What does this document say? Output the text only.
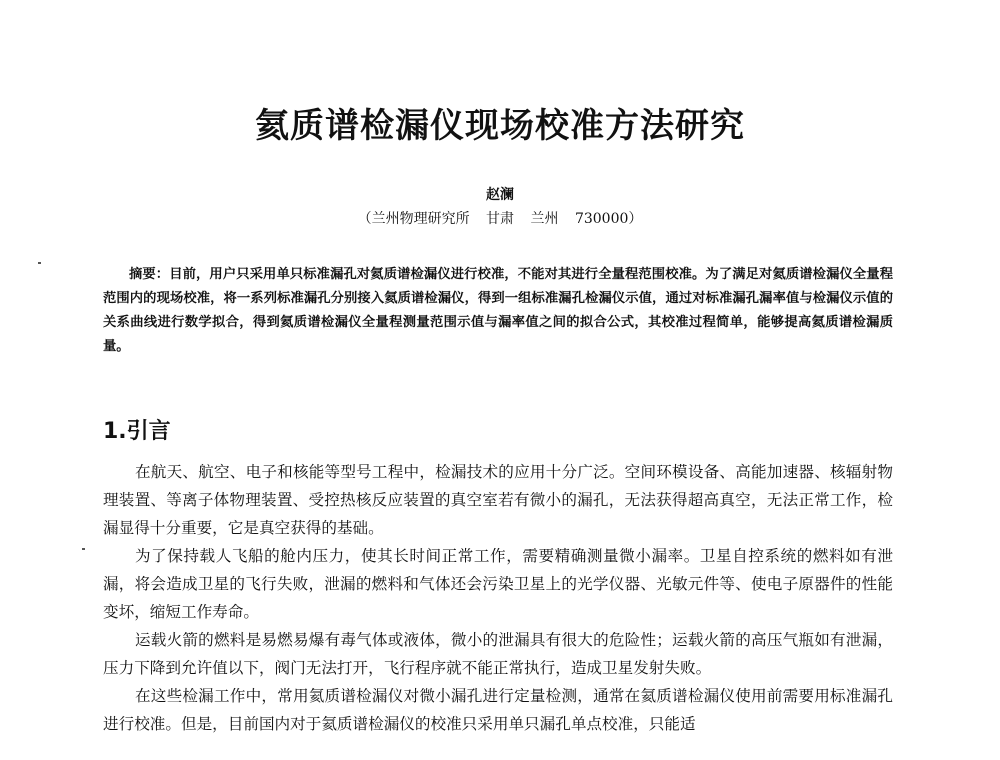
氦质谱检漏仪现场校准方法研究
赵澜
（兰州物理研究所 甘肃 兰州 730000）
摘要：目前，用户只采用单只标准漏孔对氦质谱检漏仪进行校准，不能对其进行全量程范围校准。为了满足对氦质谱检漏仪全量程范围内的现场校准，将一系列标准漏孔分别接入氦质谱检漏仪，得到一组标准漏孔检漏仪示值，通过对标准漏孔漏率值与检漏仪示值的关系曲线进行数学拟合，得到氦质谱检漏仪全量程测量范围示值与漏率值之间的拟合公式，其校准过程简单，能够提高氦质谱检漏质量。
1.引言

在航天、航空、电子和核能等型号工程中，检漏技术的应用十分广泛。空间环模设备、高能加速器、核辐射物理装置、等离子体物理装置、受控热核反应装置的真空室若有微小的漏孔，无法获得超高真空，无法正常工作，检漏显得十分重要，它是真空获得的基础。

为了保持载人飞船的舱内压力，使其长时间正常工作，需要精确测量微小漏率。卫星自控系统的燃料如有泄漏，将会造成卫星的飞行失败，泄漏的燃料和气体还会污染卫星上的光学仪器、光敏元件等、使电子原器件的性能变坏，缩短工作寿命。

运载火箭的燃料是易燃易爆有毒气体或液体，微小的泄漏具有很大的危险性；运载火箭的高压气瓶如有泄漏，压力下降到允许值以下，阀门无法打开，飞行程序就不能正常执行，造成卫星发射失败。

在这些检漏工作中，常用氦质谱检漏仪对微小漏孔进行定量检测，通常在氦质谱检漏仪使用前需要用标准漏孔进行校准。但是，目前国内对于氦质谱检漏仪的校准只采用单只漏孔单点校准，只能适
